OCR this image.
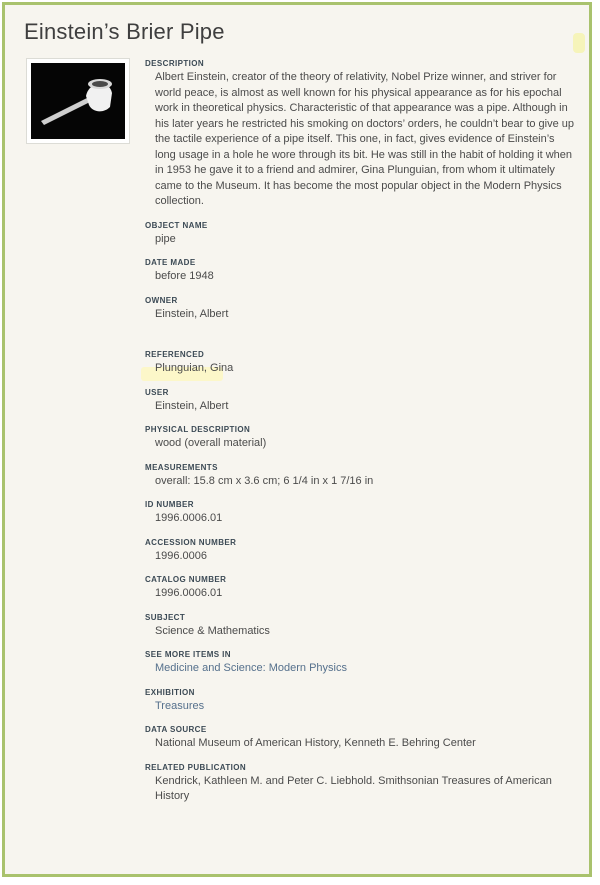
Einstein’s Brier Pipe
DESCRIPTION
Albert Einstein, creator of the theory of relativity, Nobel Prize winner, and striver for world peace, is almost as well known for his physical appearance as for his epochal work in theoretical physics. Characteristic of that appearance was a pipe. Although in his later years he restricted his smoking on doctors’ orders, he couldn’t bear to give up the tactile experience of a pipe itself. This one, in fact, gives evidence of Einstein’s long usage in a hole he wore through its bit. He was still in the habit of holding it when in 1953 he gave it to a friend and admirer, Gina Plunguian, from whom it ultimately came to the Museum. It has become the most popular object in the Modern Physics collection.
OBJECT NAME
pipe
DATE MADE
before 1948
OWNER
Einstein, Albert
REFERENCED
Plunguian, Gina
USER
Einstein, Albert
PHYSICAL DESCRIPTION
wood (overall material)
MEASUREMENTS
overall: 15.8 cm x 3.6 cm; 6 1/4 in x 1 7/16 in
ID NUMBER
1996.0006.01
ACCESSION NUMBER
1996.0006
CATALOG NUMBER
1996.0006.01
SUBJECT
Science & Mathematics
SEE MORE ITEMS IN
Medicine and Science: Modern Physics
EXHIBITION
Treasures
DATA SOURCE
National Museum of American History, Kenneth E. Behring Center
RELATED PUBLICATION
Kendrick, Kathleen M. and Peter C. Liebhold. Smithsonian Treasures of American History
